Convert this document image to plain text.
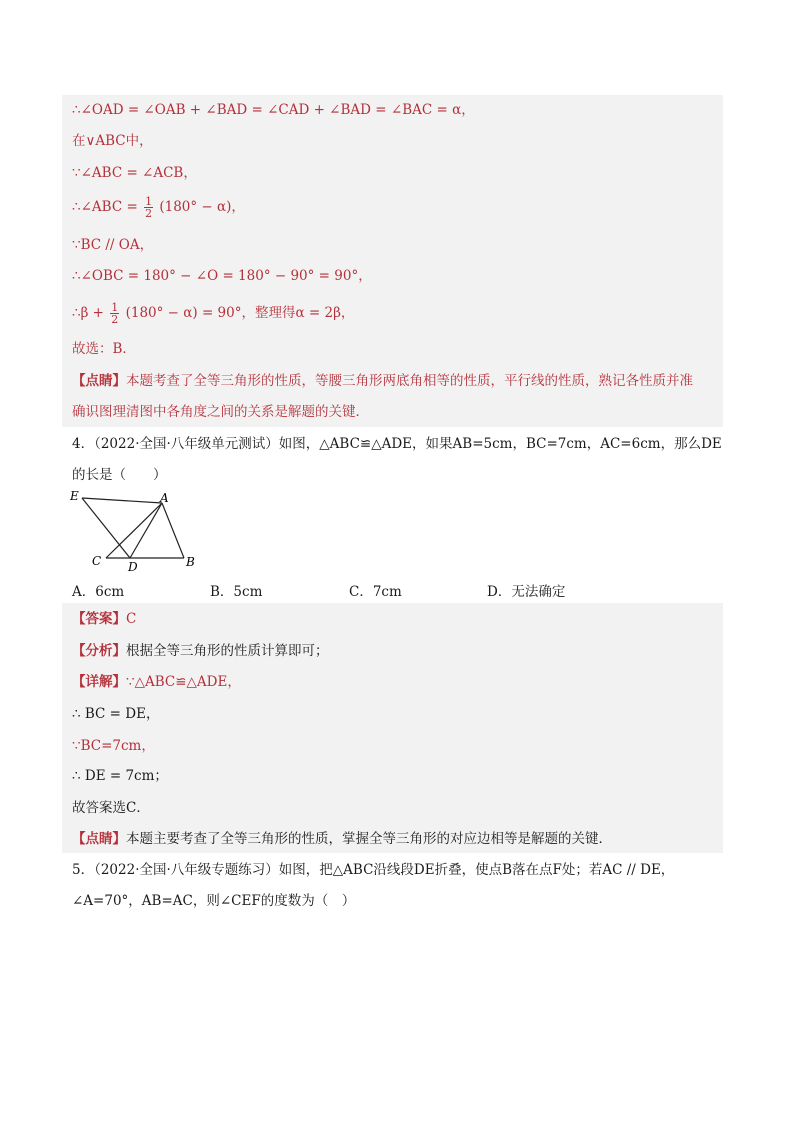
∴∠OAD = ∠OAB + ∠BAD = ∠CAD + ∠BAD = ∠BAC = α，
在∨ABC中，
∵∠ABC = ∠ACB，
∴∠ABC = $\frac{1}{2} (180^\circ - \alpha)$，
∵BC // OA，
∴∠OBC = 180° − ∠O = 180° − 90° = 90°，
∴β + $\frac{1}{2} (180^\circ - \alpha) = 90^\circ$，整理得α = 2β，
故选：B．
【点睛】本题考查了全等三角形的性质，等腰三角形两底角相等的性质，平行线的性质，熟记各性质并准
确识图理清图中各角度之间的关系是解题的关键．
4．（2022·全国·八年级单元测试）如图，△ABC≌△ADE，如果AB=5cm，BC=7cm，AC=6cm，那么DE
的长是（　　）
E	A
C D	B
A．6cm	B．5cm	C．7cm	D．无法确定
【答案】C
【分析】根据全等三角形的性质计算即可；
【详解】∵△ABC≌△ADE，
∴ BC = DE，
∵BC=7cm，
∴ DE = 7cm；
故答案选C．
【点睛】本题主要考查了全等三角形的性质，掌握全等三角形的对应边相等是解题的关键．
5．（2022·全国·八年级专题练习）如图，把△ABC沿线段DE折叠，使点B落在点F处；若AC // DE，
∠A=70°，AB=AC，则∠CEF的度数为（　）
